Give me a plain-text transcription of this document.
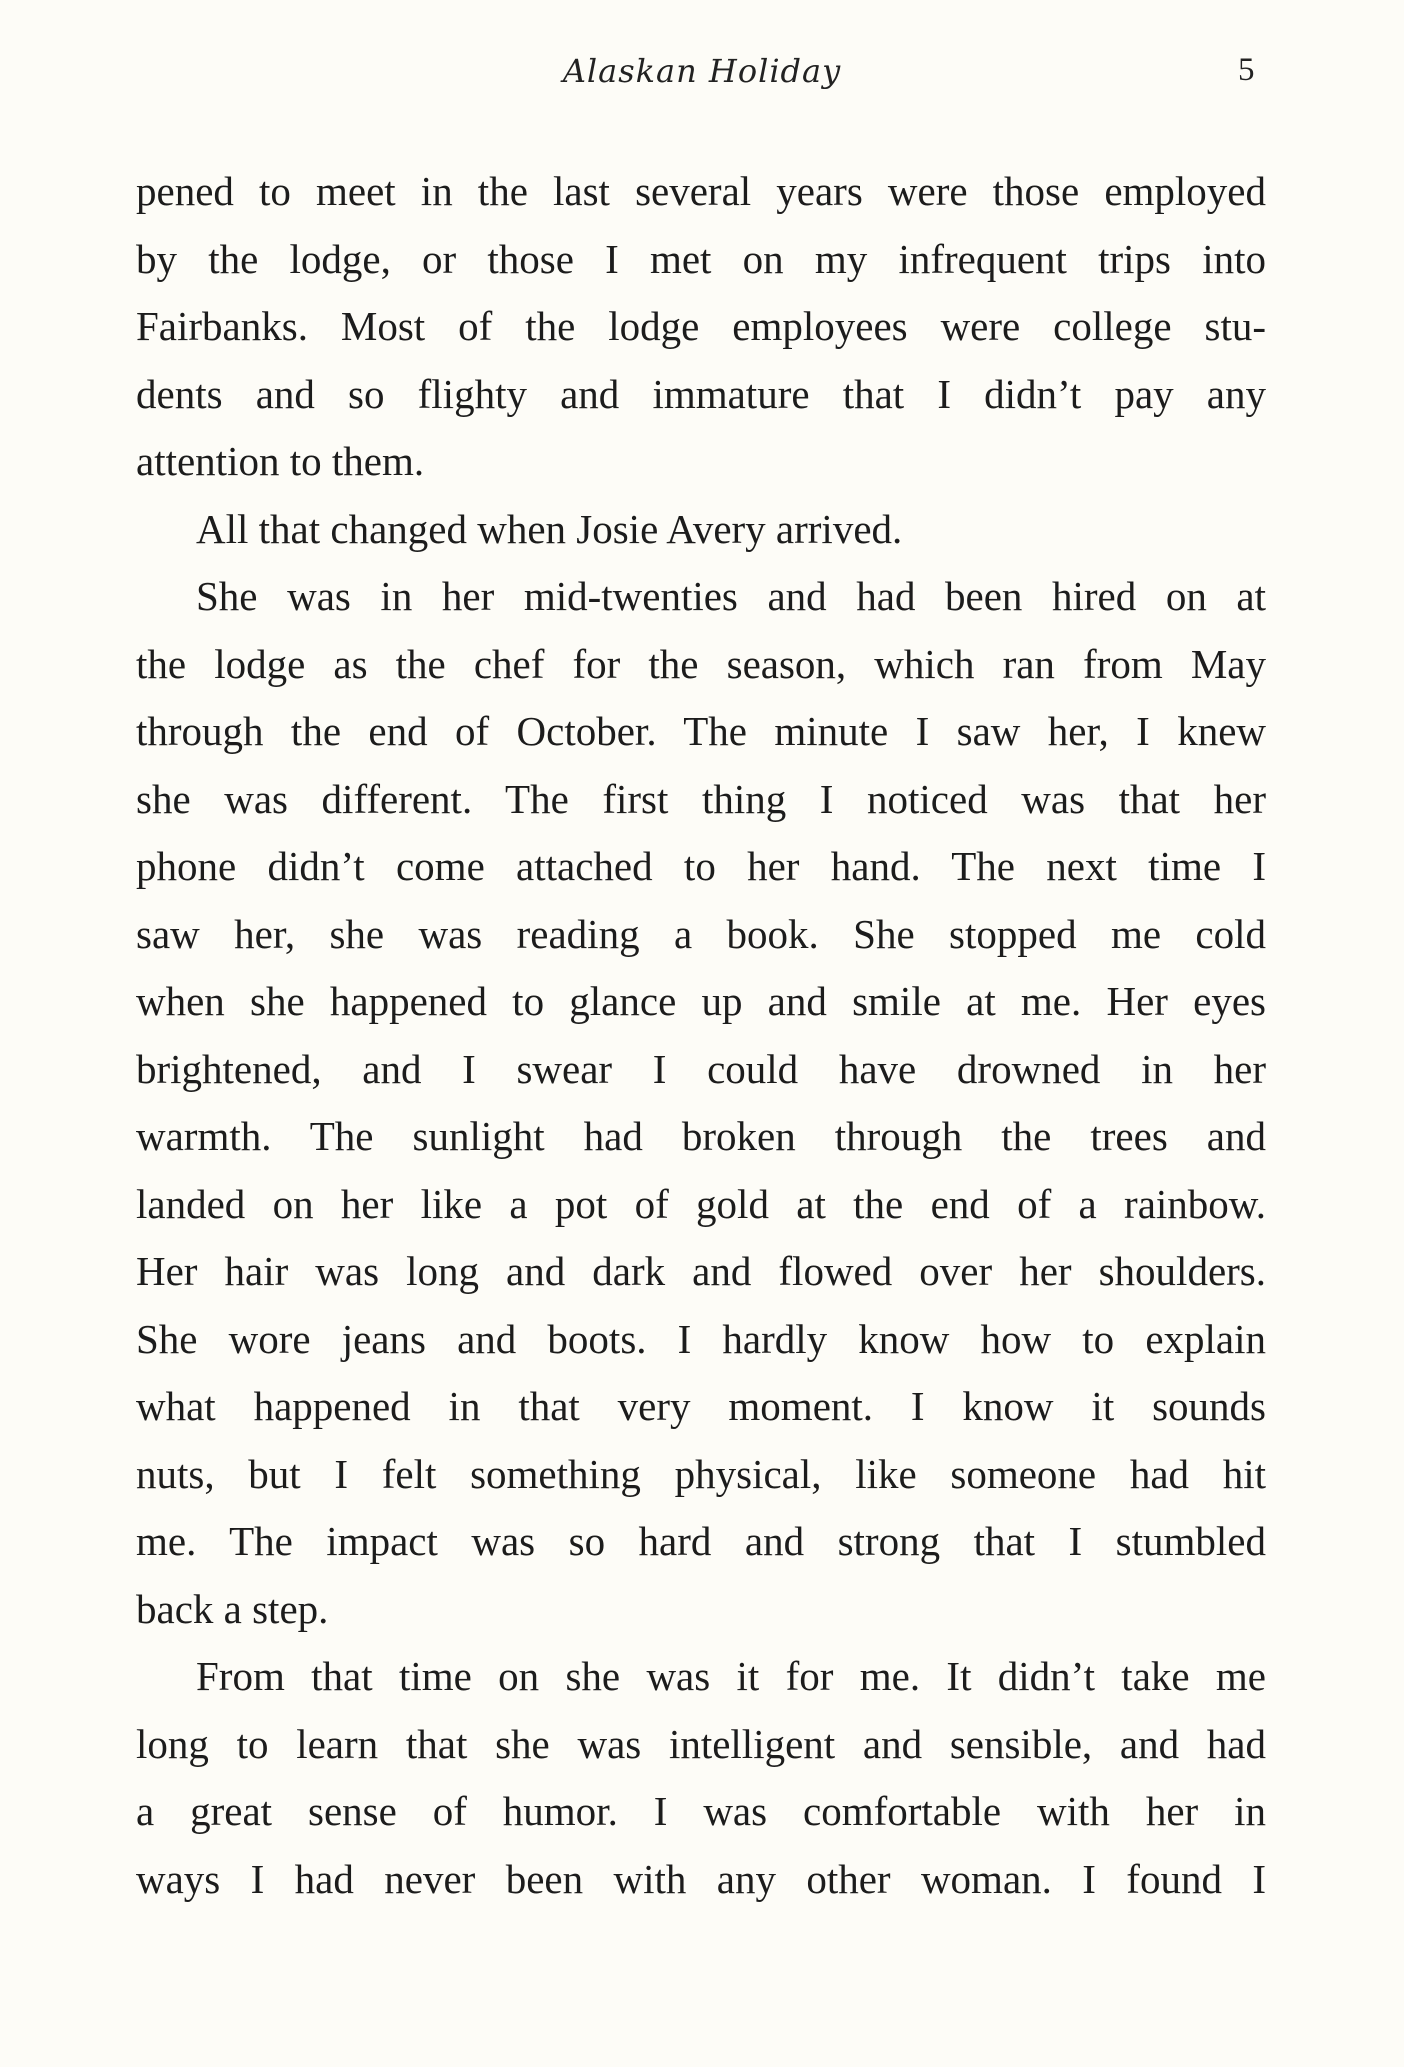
Alaskan Holiday	5
pened to meet in the last several years were those employed
by the lodge, or those I met on my infrequent trips into
Fairbanks. Most of the lodge employees were college stu-
dents and so flighty and immature that I didn’t pay any
attention to them.
All that changed when Josie Avery arrived.
She was in her mid-twenties and had been hired on at
the lodge as the chef for the season, which ran from May
through the end of October. The minute I saw her, I knew
she was different. The first thing I noticed was that her
phone didn’t come attached to her hand. The next time I
saw her, she was reading a book. She stopped me cold
when she happened to glance up and smile at me. Her eyes
brightened, and I swear I could have drowned in her
warmth. The sunlight had broken through the trees and
landed on her like a pot of gold at the end of a rainbow.
Her hair was long and dark and flowed over her shoulders.
She wore jeans and boots. I hardly know how to explain
what happened in that very moment. I know it sounds
nuts, but I felt something physical, like someone had hit
me. The impact was so hard and strong that I stumbled
back a step.
From that time on she was it for me. It didn’t take me
long to learn that she was intelligent and sensible, and had
a great sense of humor. I was comfortable with her in
ways I had never been with any other woman. I found I
